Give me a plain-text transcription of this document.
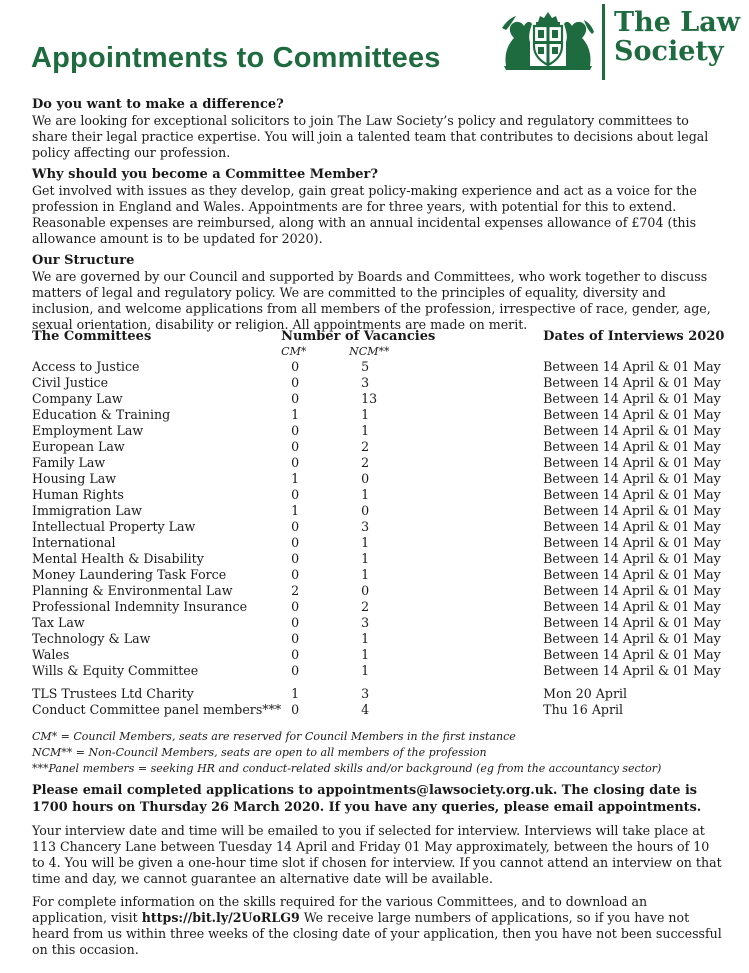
Appointments to Committees
The Law
Society
Do you want to make a difference?

We are looking for exceptional solicitors to join The Law Society’s policy and regulatory committees to share their legal practice expertise. You will join a talented team that contributes to decisions about legal policy affecting our profession.

Why should you become a Committee Member?

Get involved with issues as they develop, gain great policy-making experience and act as a voice for the profession in England and Wales. Appointments are for three years, with potential for this to extend. Reasonable expenses are reimbursed, along with an annual incidental expenses allowance of £704 (this allowance amount is to be updated for 2020).

Our Structure

We are governed by our Council and supported by Boards and Committees, who work together to discuss matters of legal and regulatory policy. We are committed to the principles of equality, diversity and inclusion, and welcome applications from all members of the profession, irrespective of race, gender, age, sexual orientation, disability or religion. All appointments are made on merit.

The Committees	Number of Vacancies		Dates of Interviews 2020
	CM*	NCM**	
Access to Justice	0	5	Between 14 April & 01 May
Civil Justice	0	3	Between 14 April & 01 May
Company Law	0	13	Between 14 April & 01 May
Education & Training	1	1	Between 14 April & 01 May
Employment Law	0	1	Between 14 April & 01 May
European Law	0	2	Between 14 April & 01 May
Family Law	0	2	Between 14 April & 01 May
Housing Law	1	0	Between 14 April & 01 May
Human Rights	0	1	Between 14 April & 01 May
Immigration Law	1	0	Between 14 April & 01 May
Intellectual Property Law	0	3	Between 14 April & 01 May
International	0	1	Between 14 April & 01 May
Mental Health & Disability	0	1	Between 14 April & 01 May
Money Laundering Task Force	0	1	Between 14 April & 01 May
Planning & Environmental Law	2	0	Between 14 April & 01 May
Professional Indemnity Insurance	0	2	Between 14 April & 01 May
Tax Law	0	3	Between 14 April & 01 May
Technology & Law	0	1	Between 14 April & 01 May
Wales	0	1	Between 14 April & 01 May
Wills & Equity Committee	0	1	Between 14 April & 01 May

TLS Trustees Ltd Charity	1	3	Mon 20 April
Conduct Committee panel members***	0	4	Thu 16 April
CM* = Council Members, seats are reserved for Council Members in the first instance
NCM** = Non-Council Members, seats are open to all members of the profession
***Panel members = seeking HR and conduct-related skills and/or background (eg from the accountancy sector)

Please email completed applications to appointments@lawsociety.org.uk. The closing date is 1700 hours on Thursday 26 March 2020. If you have any queries, please email appointments.

Your interview date and time will be emailed to you if selected for interview. Interviews will take place at 113 Chancery Lane between Tuesday 14 April and Friday 01 May approximately, between the hours of 10 to 4. You will be given a one-hour time slot if chosen for interview. If you cannot attend an interview on that time and day, we cannot guarantee an alternative date will be available.

For complete information on the skills required for the various Committees, and to download an application, visit https://bit.ly/2UoRLG9 We receive large numbers of applications, so if you have not heard from us within three weeks of the closing date of your application, then you have not been successful on this occasion.
